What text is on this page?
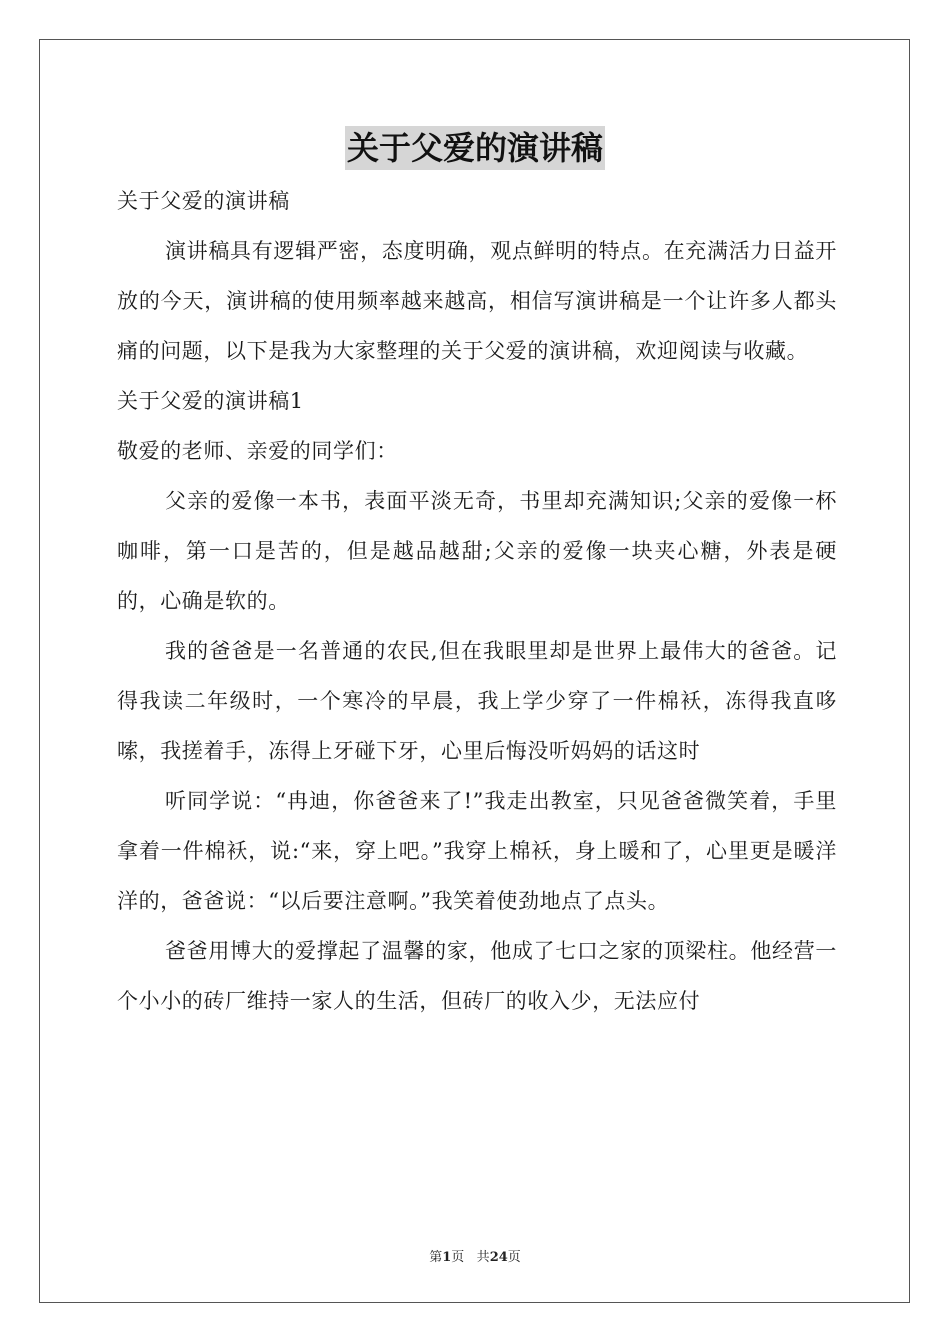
关于父爱的演讲稿

关于父爱的演讲稿

演讲稿具有逻辑严密，态度明确，观点鲜明的特点。在充满活力日益开放的今天，演讲稿的使用频率越来越高，相信写演讲稿是一个让许多人都头痛的问题，以下是我为大家整理的关于父爱的演讲稿，欢迎阅读与收藏。

关于父爱的演讲稿1

敬爱的老师、亲爱的同学们：

父亲的爱像一本书，表面平淡无奇，书里却充满知识;父亲的爱像一杯咖啡，第一口是苦的，但是越品越甜;父亲的爱像一块夹心糖，外表是硬的，心确是软的。

我的爸爸是一名普通的农民,但在我眼里却是世界上最伟大的爸爸。记得我读二年级时，一个寒冷的早晨，我上学少穿了一件棉袄，冻得我直哆嗦，我搓着手，冻得上牙碰下牙，心里后悔没听妈妈的话这时

听同学说：“冉迪，你爸爸来了!”我走出教室，只见爸爸微笑着，手里拿着一件棉袄，说:“来，穿上吧。”我穿上棉袄，身上暖和了，心里更是暖洋洋的，爸爸说：“以后要注意啊。”我笑着使劲地点了点头。

爸爸用博大的爱撑起了温馨的家，他成了七口之家的顶梁柱。他经营一个小小的砖厂维持一家人的生活，但砖厂的收入少，无法应付

第1页 共24页
